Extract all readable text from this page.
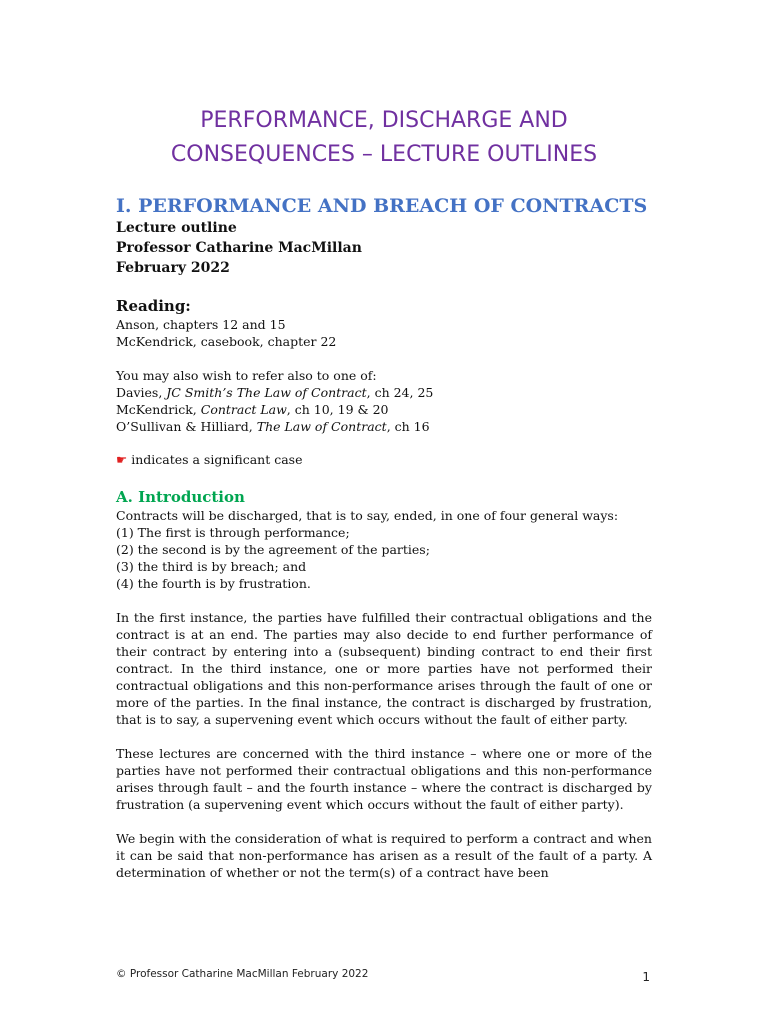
PERFORMANCE, DISCHARGE AND
CONSEQUENCES – LECTURE OUTLINES
I. PERFORMANCE AND BREACH OF CONTRACTS
Lecture outline
Professor Catharine MacMillan
February 2022
Reading:
Anson, chapters 12 and 15
McKendrick, casebook, chapter 22
You may also wish to refer also to one of:
Davies, JC Smith’s The Law of Contract, ch 24, 25
McKendrick, Contract Law, ch 10, 19 & 20
O’Sullivan & Hilliard, The Law of Contract, ch 16
☛ indicates a significant case
A. Introduction
Contracts will be discharged, that is to say, ended, in one of four general ways:
(1) The first is through performance;
(2) the second is by the agreement of the parties;
(3) the third is by breach; and
(4) the fourth is by frustration.

In the first instance, the parties have fulfilled their contractual obligations and the contract is at an end. The parties may also decide to end further performance of their contract by entering into a (subsequent) binding contract to end their first contract. In the third instance, one or more parties have not performed their contractual obligations and this non-performance arises through the fault of one or more of the parties. In the final instance, the contract is discharged by frustration, that is to say, a supervening event which occurs without the fault of either party.

These lectures are concerned with the third instance – where one or more of the parties have not performed their contractual obligations and this non-performance arises through fault – and the fourth instance – where the contract is discharged by frustration (a supervening event which occurs without the fault of either party).

We begin with the consideration of what is required to perform a contract and when it can be said that non-performance has arisen as a result of the fault of a party. A determination of whether or not the term(s) of a contract have been

© Professor Catharine MacMillan February 2022	1
